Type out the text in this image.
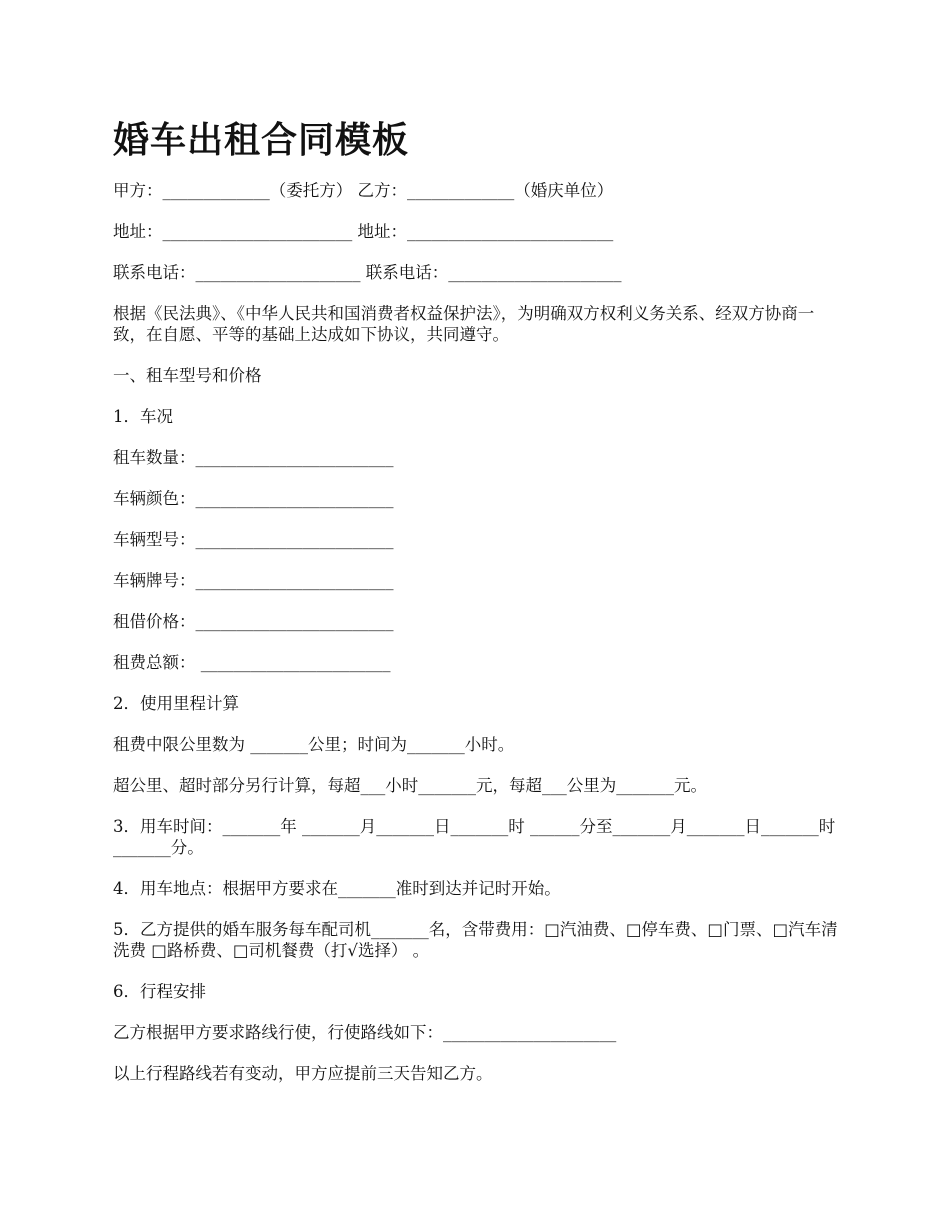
婚车出租合同模板

甲方：_____________（委托方） 乙方：_____________（婚庆单位）

地址：_______________________ 地址：_________________________

联系电话：____________________ 联系电话：_____________________

根据《民法典》、《中华人民共和国消费者权益保护法》，为明确双方权利义务关系、经双方协商一致，在自愿、平等的基础上达成如下协议，共同遵守。

一、租车型号和价格

1．车况

租车数量：________________________

车辆颜色：________________________

车辆型号：________________________

车辆牌号：________________________

租借价格：________________________

租费总额： _______________________

2．使用里程计算

租费中限公里数为 _______公里；时间为_______小时。

超公里、超时部分另行计算，每超___小时_______元，每超___公里为_______元。

3．用车时间：_______年 _______月_______日_______时 ______分至_______月_______日_______时_______分。

4．用车地点：根据甲方要求在_______准时到达并记时开始。

5．乙方提供的婚车服务每车配司机_______名，含带费用：□汽油费、□停车费、□门票、□汽车清洗费 □路桥费、□司机餐费（打√选择） 。

6．行程安排

乙方根据甲方要求路线行使，行使路线如下：_____________________

以上行程路线若有变动，甲方应提前三天告知乙方。
